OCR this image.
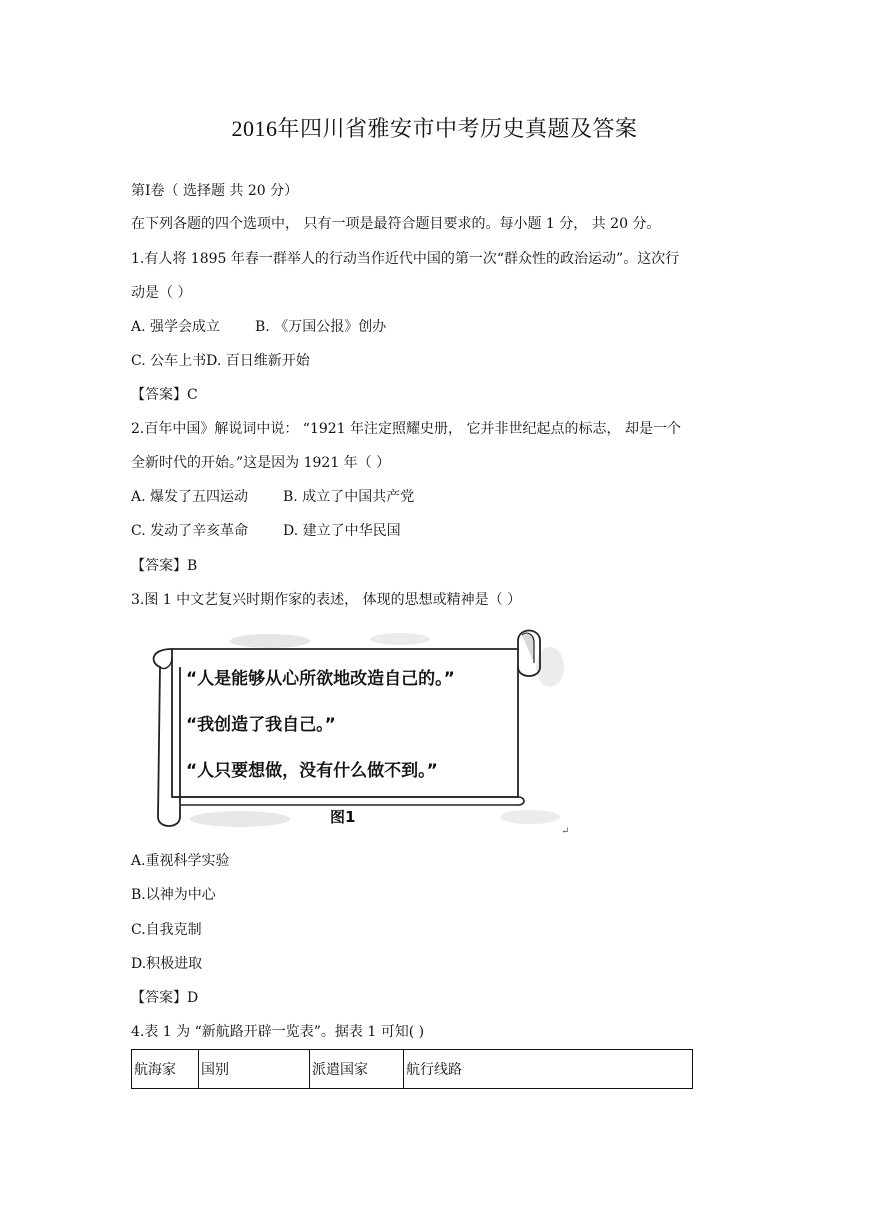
2016年四川省雅安市中考历史真题及答案
第Ⅰ卷（ 选择题 共 20 分）
在下列各题的四个选项中， 只有一项是最符合题目要求的。每小题 1 分， 共 20 分。
1.有人将 1895 年春一群举人的行动当作近代中国的第一次“群众性的政治运动”。这次行
动是（ ）
A. 强学会成立 B. 《万国公报》创办
C. 公车上书D. 百日维新开始
【答案】C
2.百年中国》解说词中说： “1921 年注定照耀史册， 它并非世纪起点的标志， 却是一个
全新时代的开始。”这是因为 1921 年（ ）
A. 爆发了五四运动 B. 成立了中国共产党
C. 发动了辛亥革命 D. 建立了中华民国
【答案】B
3.图 1 中文艺复兴时期作家的表述， 体现的思想或精神是（ ）
“人是能够从心所欲地改造自己的。”
“我创造了我自己。”
“人只要想做，没有什么做不到。”
图1
↵
A.重视科学实验
B.以神为中心
C.自我克制
D.积极进取
【答案】D
4.表 1 为 “新航路开辟一览表”。据表 1 可知( )
航海家	国别	派遣国家	航行线路
